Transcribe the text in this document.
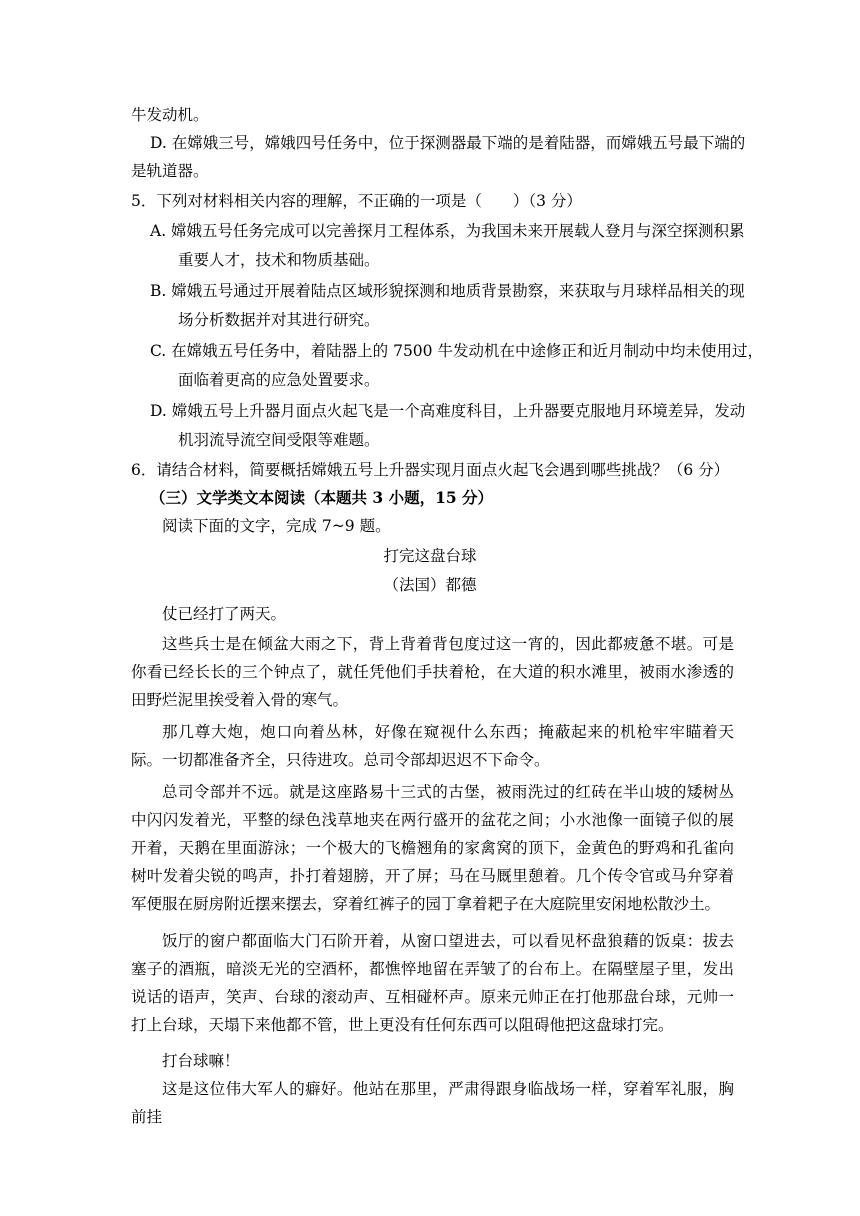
牛发动机。
D. 在嫦娥三号，嫦娥四号任务中，位于探测器最下端的是着陆器，而嫦娥五号最下端的
是轨道器。
5．下列对材料相关内容的理解，不正确的一项是（　　）（3 分）
A. 嫦娥五号任务完成可以完善探月工程体系，为我国未来开展载人登月与深空探测积累
重要人才，技术和物质基础。
B. 嫦娥五号通过开展着陆点区域形貌探测和地质背景勘察，来获取与月球样品相关的现
场分析数据并对其进行研究。
C. 在嫦娥五号任务中，着陆器上的 7500 牛发动机在中途修正和近月制动中均未使用过，
面临着更高的应急处置要求。
D. 嫦娥五号上升器月面点火起飞是一个高难度科目，上升器要克服地月环境差异，发动
机羽流导流空间受限等难题。
6．请结合材料，简要概括嫦娥五号上升器实现月面点火起飞会遇到哪些挑战？（6 分）
（三）文学类文本阅读（本题共 3 小题，15 分）
阅读下面的文字，完成 7~9 题。
打完这盘台球
（法国）都德
仗已经打了两天。
这些兵士是在倾盆大雨之下，背上背着背包度过这一宵的，因此都疲惫不堪。可是你看已经长长的三个钟点了，就任凭他们手扶着枪，在大道的积水滩里，被雨水渗透的田野烂泥里挨受着入骨的寒气。
那几尊大炮，炮口向着丛林，好像在窥视什么东西；掩蔽起来的机枪牢牢瞄着天际。一切都准备齐全，只待进攻。总司令部却迟迟不下命令。
总司令部并不远。就是这座路易十三式的古堡，被雨洗过的红砖在半山坡的矮树丛中闪闪发着光，平整的绿色浅草地夹在两行盛开的盆花之间；小水池像一面镜子似的展开着，天鹅在里面游泳；一个极大的飞檐翘角的家禽窝的顶下，金黄色的野鸡和孔雀向树叶发着尖锐的鸣声，扑打着翅膀，开了屏；马在马厩里憩着。几个传令官或马弁穿着军便服在厨房附近摆来摆去，穿着红裤子的园丁拿着耙子在大庭院里安闲地松散沙土。
饭厅的窗户都面临大门石阶开着，从窗口望进去，可以看见杯盘狼藉的饭桌：拔去塞子的酒瓶，暗淡无光的空酒杯，都憔悴地留在弄皱了的台布上。在隔壁屋子里，发出说话的语声，笑声、台球的滚动声、互相碰杯声。原来元帅正在打他那盘台球，元帅一打上台球，天塌下来他都不管，世上更没有任何东西可以阻碍他把这盘球打完。
打台球嘛！
这是这位伟大军人的癖好。他站在那里，严肃得跟身临战场一样，穿着军礼服，胸前挂
